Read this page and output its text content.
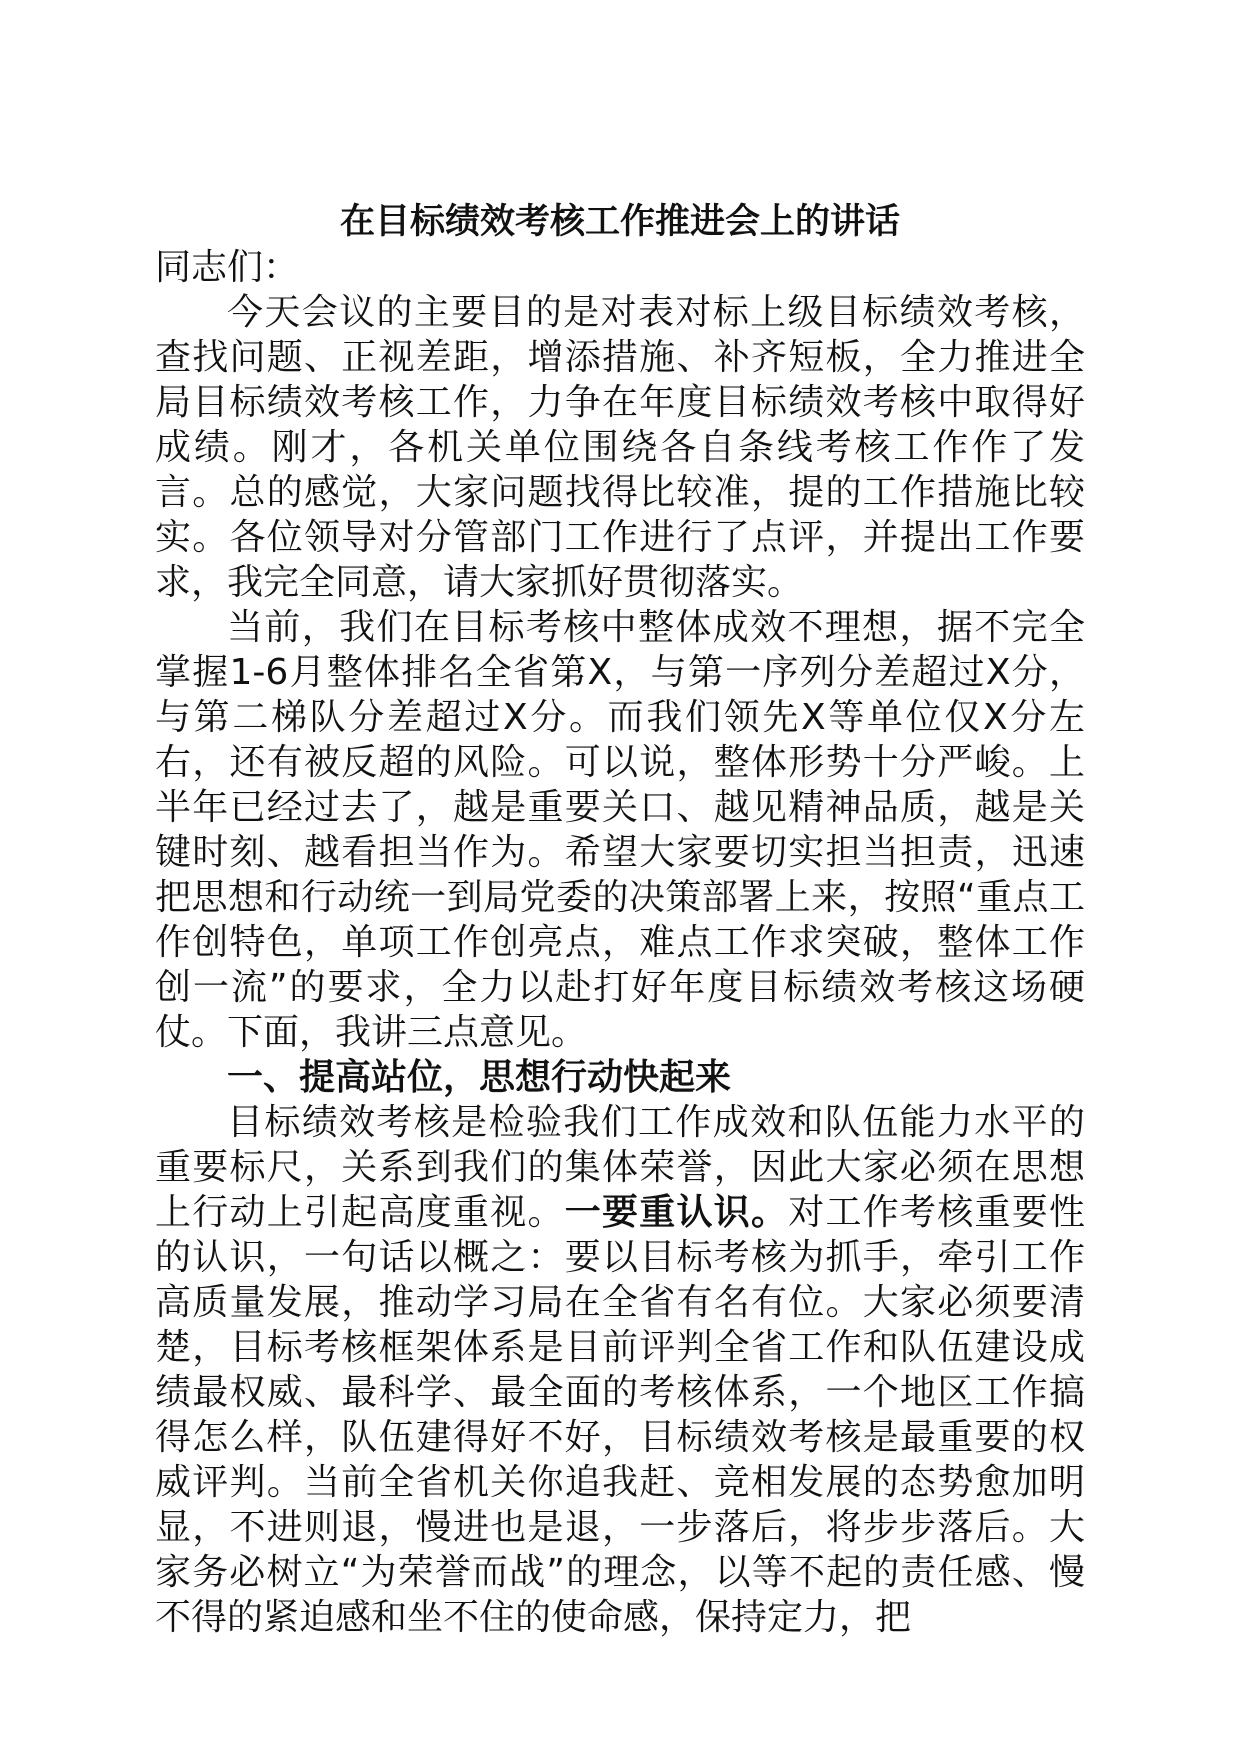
在目标绩效考核工作推进会上的讲话

同志们：

今天会议的主要目的是对表对标上级目标绩效考核，查找问题、正视差距，增添措施、补齐短板，全力推进全局目标绩效考核工作，力争在年度目标绩效考核中取得好成绩。刚才，各机关单位围绕各自条线考核工作作了发言。总的感觉，大家问题找得比较准，提的工作措施比较实。各位领导对分管部门工作进行了点评，并提出工作要求，我完全同意，请大家抓好贯彻落实。

当前，我们在目标考核中整体成效不理想，据不完全掌握1-6月整体排名全省第X，与第一序列分差超过X分，与第二梯队分差超过X分。而我们领先X等单位仅X分左右，还有被反超的风险。可以说，整体形势十分严峻。上半年已经过去了，越是重要关口、越见精神品质，越是关键时刻、越看担当作为。希望大家要切实担当担责，迅速把思想和行动统一到局党委的决策部署上来，按照“重点工作创特色，单项工作创亮点，难点工作求突破，整体工作创一流”的要求，全力以赴打好年度目标绩效考核这场硬仗。下面，我讲三点意见。

一、提高站位，思想行动快起来

目标绩效考核是检验我们工作成效和队伍能力水平的重要标尺，关系到我们的集体荣誉，因此大家必须在思想上行动上引起高度重视。一要重认识。对工作考核重要性的认识，一句话以概之：要以目标考核为抓手，牵引工作高质量发展，推动学习局在全省有名有位。大家必须要清楚，目标考核框架体系是目前评判全省工作和队伍建设成绩最权威、最科学、最全面的考核体系，一个地区工作搞得怎么样，队伍建得好不好，目标绩效考核是最重要的权威评判。当前全省机关你追我赶、竞相发展的态势愈加明显，不进则退，慢进也是退，一步落后，将步步落后。大家务必树立“为荣誉而战”的理念，以等不起的责任感、慢不得的紧迫感和坐不住的使命感，保持定力，把
